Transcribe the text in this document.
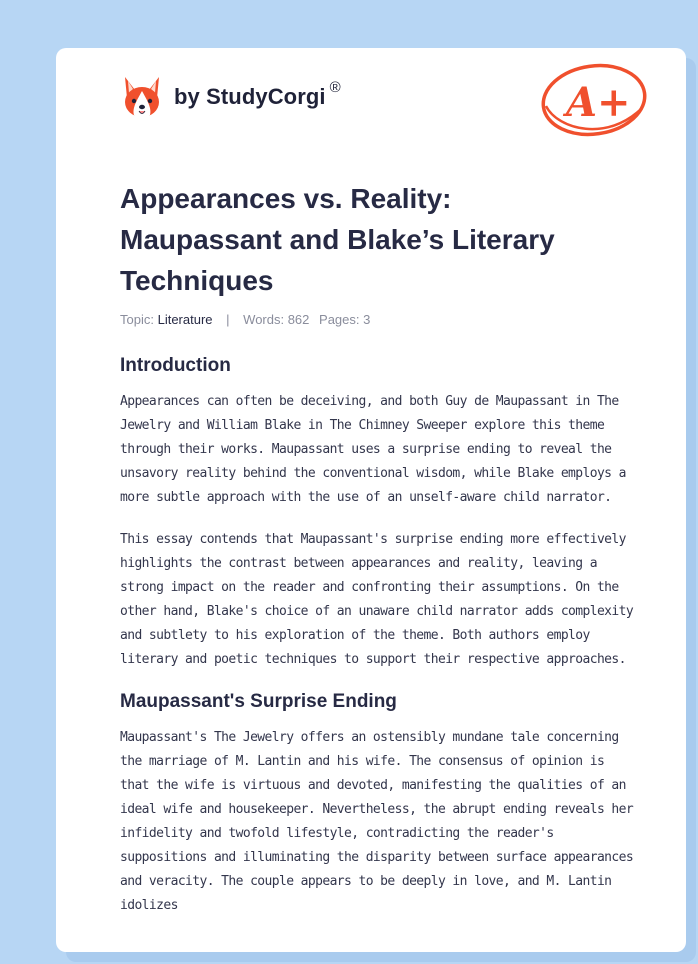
by StudyCorgi ®	A+
Appearances vs. Reality: Maupassant and Blake’s Literary Techniques
Topic: Literature | Words: 862 Pages: 3
Introduction

Appearances can often be deceiving, and both Guy de Maupassant in The Jewelry and William Blake in The Chimney Sweeper explore this theme through their works. Maupassant uses a surprise ending to reveal the unsavory reality behind the conventional wisdom, while Blake employs a more subtle approach with the use of an unself-aware child narrator.

This essay contends that Maupassant's surprise ending more effectively highlights the contrast between appearances and reality, leaving a strong impact on the reader and confronting their assumptions. On the other hand, Blake's choice of an unaware child narrator adds complexity and subtlety to his exploration of the theme. Both authors employ literary and poetic techniques to support their respective approaches.

Maupassant's Surprise Ending

Maupassant's The Jewelry offers an ostensibly mundane tale concerning the marriage of M. Lantin and his wife. The consensus of opinion is that the wife is virtuous and devoted, manifesting the qualities of an ideal wife and housekeeper. Nevertheless, the abrupt ending reveals her infidelity and twofold lifestyle, contradicting the reader's suppositions and illuminating the disparity between surface appearances and veracity. The couple appears to be deeply in love, and M. Lantin idolizes
